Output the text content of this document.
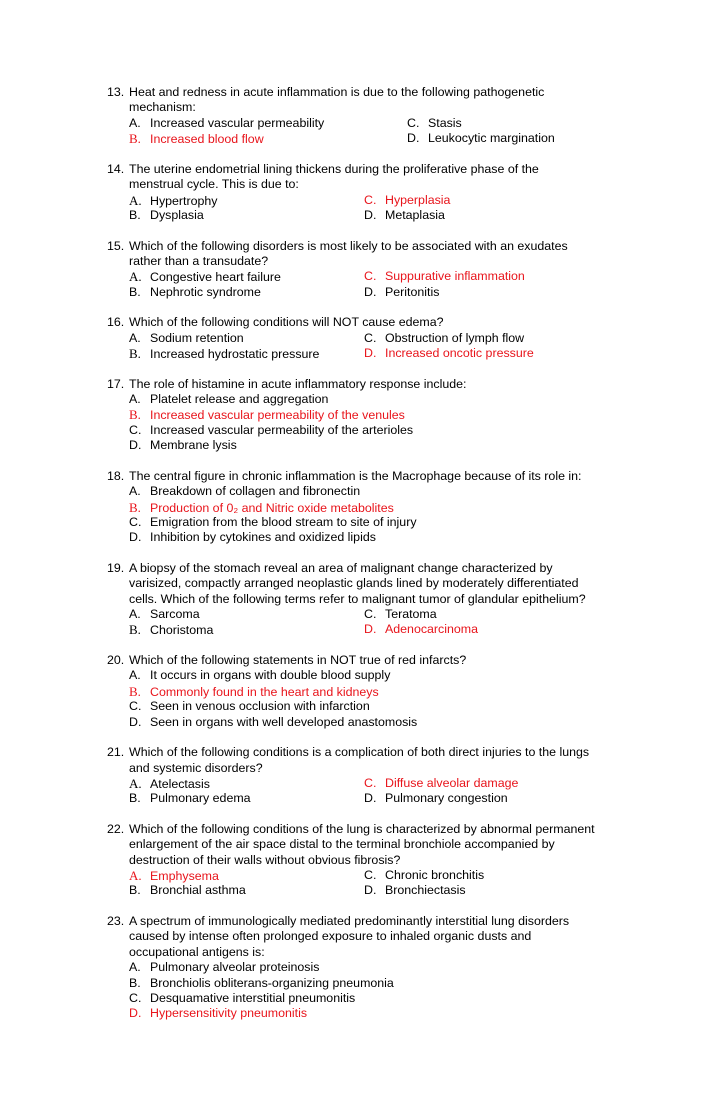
13. Heat and redness in acute inflammation is due to the following pathogenetic
mechanism:
A. Increased vascular permeability	C. Stasis
B. Increased blood flow	D. Leukocytic margination
14. The uterine endometrial lining thickens during the proliferative phase of the
menstrual cycle. This is due to:
A. Hypertrophy	C. Hyperplasia
B. Dysplasia	D. Metaplasia
15. Which of the following disorders is most likely to be associated with an exudates
rather than a transudate?
A. Congestive heart failure	C. Suppurative inflammation
B. Nephrotic syndrome	D. Peritonitis
16. Which of the following conditions will NOT cause edema?
A. Sodium retention	C. Obstruction of lymph flow
B. Increased hydrostatic pressure	D. Increased oncotic pressure
17. The role of histamine in acute inflammatory response include:
A. Platelet release and aggregation
B. Increased vascular permeability of the venules
C. Increased vascular permeability of the arterioles
D. Membrane lysis
18. The central figure in chronic inflammation is the Macrophage because of its role in:
A. Breakdown of collagen and fibronectin
B. Production of 0₂ and Nitric oxide metabolites
C. Emigration from the blood stream to site of injury
D. Inhibition by cytokines and oxidized lipids
19. A biopsy of the stomach reveal an area of malignant change characterized by
varisized, compactly arranged neoplastic glands lined by moderately differentiated
cells. Which of the following terms refer to malignant tumor of glandular epithelium?
A. Sarcoma	C. Teratoma
B. Choristoma	D. Adenocarcinoma
20. Which of the following statements in NOT true of red infarcts?
A. It occurs in organs with double blood supply
B. Commonly found in the heart and kidneys
C. Seen in venous occlusion with infarction
D. Seen in organs with well developed anastomosis
21. Which of the following conditions is a complication of both direct injuries to the lungs
and systemic disorders?
A. Atelectasis	C. Diffuse alveolar damage
B. Pulmonary edema	D. Pulmonary congestion
22. Which of the following conditions of the lung is characterized by abnormal permanent
enlargement of the air space distal to the terminal bronchiole accompanied by
destruction of their walls without obvious fibrosis?
A. Emphysema	C. Chronic bronchitis
B. Bronchial asthma	D. Bronchiectasis
23. A spectrum of immunologically mediated predominantly interstitial lung disorders
caused by intense often prolonged exposure to inhaled organic dusts and
occupational antigens is:
A. Pulmonary alveolar proteinosis
B. Bronchiolis obliterans-organizing pneumonia
C. Desquamative interstitial pneumonitis
D. Hypersensitivity pneumonitis
